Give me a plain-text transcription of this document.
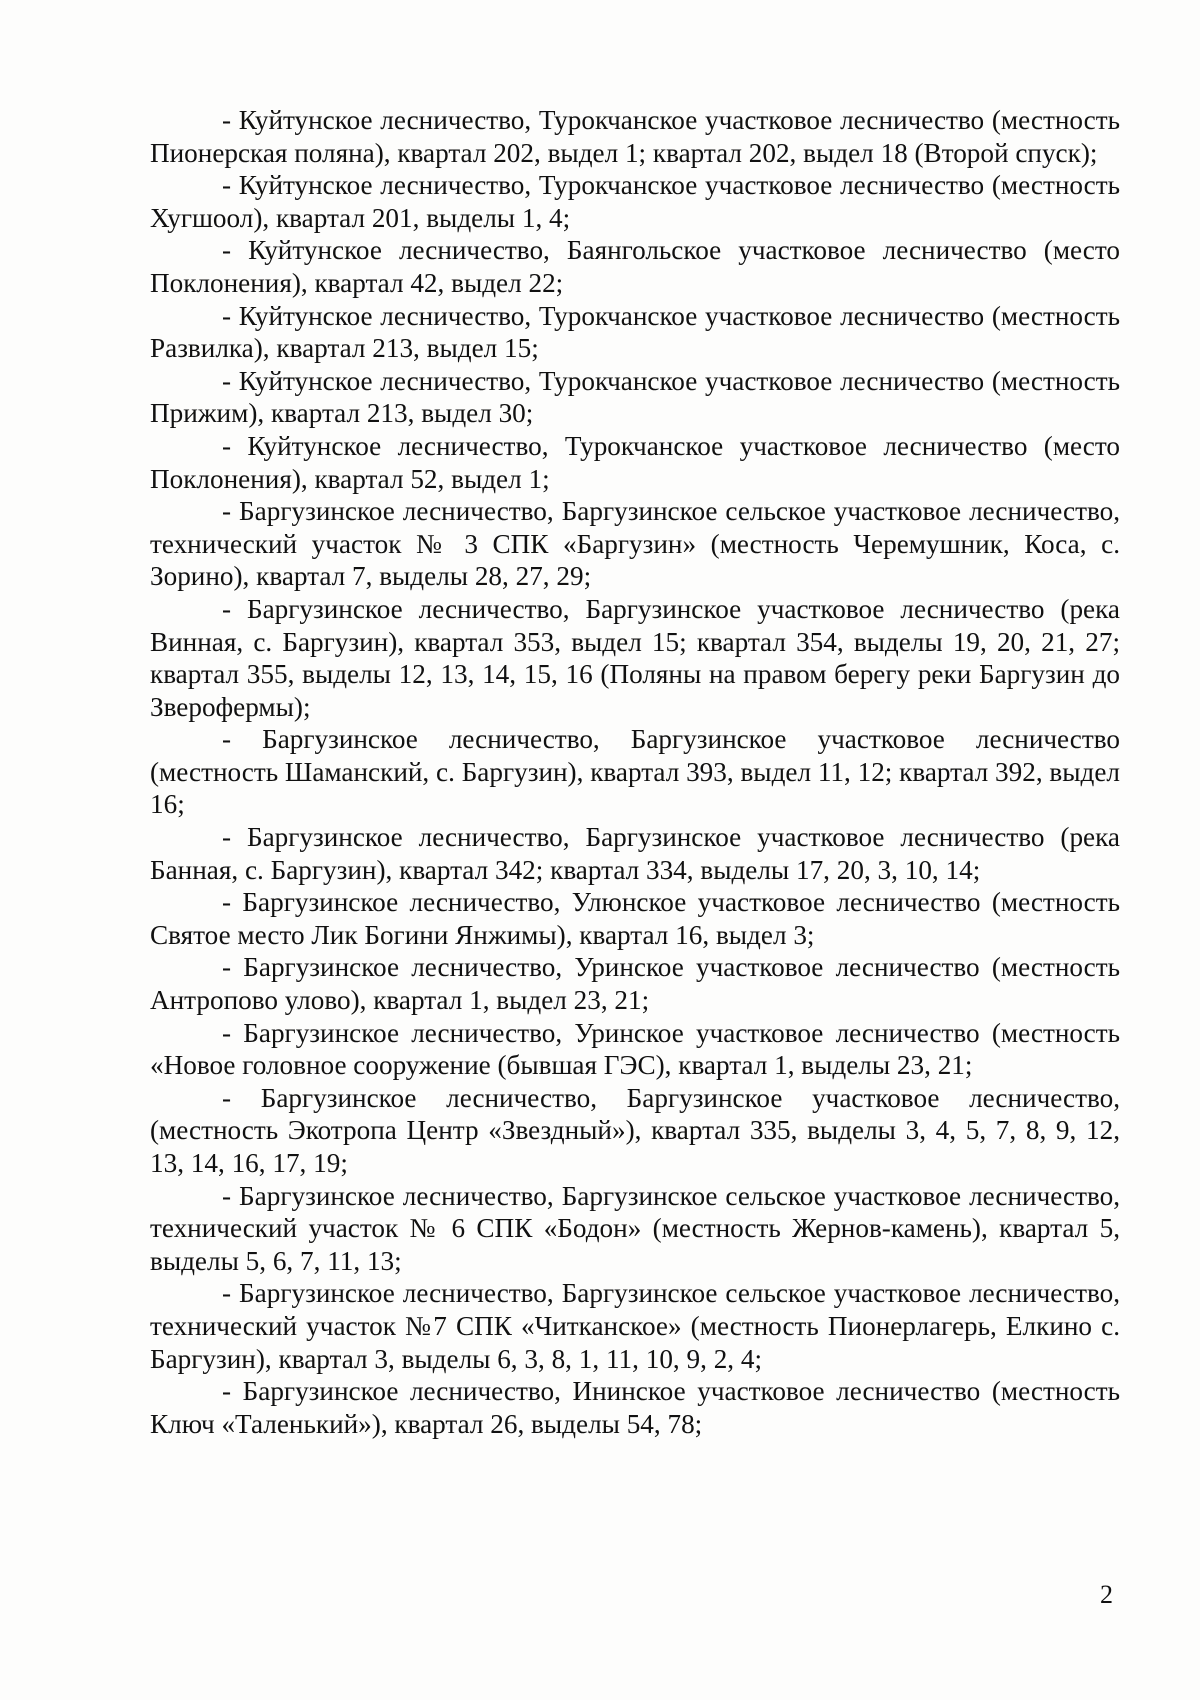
- Куйтунское лесничество, Турокчанское участковое лесничество (местность Пионерская поляна), квартал 202, выдел 1; квартал 202, выдел 18 (Второй спуск);

- Куйтунское лесничество, Турокчанское участковое лесничество (местность Хугшоол), квартал 201, выделы 1, 4;

- Куйтунское лесничество, Баянгольское участковое лесничество (место Поклонения), квартал 42, выдел 22;

- Куйтунское лесничество, Турокчанское участковое лесничество (местность Развилка), квартал 213, выдел 15;

- Куйтунское лесничество, Турокчанское участковое лесничество (местность Прижим), квартал 213, выдел 30;

- Куйтунское лесничество, Турокчанское участковое лесничество (место Поклонения), квартал 52, выдел 1;

- Баргузинское лесничество, Баргузинское сельское участковое лесничество, технический участок № 3 СПК «Баргузин» (местность Черемушник, Коса, с. Зорино), квартал 7, выделы 28, 27, 29;

- Баргузинское лесничество, Баргузинское участковое лесничество (река Винная, с. Баргузин), квартал 353, выдел 15; квартал 354, выделы 19, 20, 21, 27; квартал 355, выделы 12, 13, 14, 15, 16 (Поляны на правом берегу реки Баргузин до Зверофермы);

- Баргузинское лесничество, Баргузинское участковое лесничество (местность Шаманский, с. Баргузин), квартал 393, выдел 11, 12; квартал 392, выдел 16;

- Баргузинское лесничество, Баргузинское участковое лесничество (река Банная, с. Баргузин), квартал 342; квартал 334, выделы 17, 20, 3, 10, 14;

- Баргузинское лесничество, Улюнское участковое лесничество (местность Святое место Лик Богини Янжимы), квартал 16, выдел 3;

- Баргузинское лесничество, Уринское участковое лесничество (местность Антропово улово), квартал 1, выдел 23, 21;

- Баргузинское лесничество, Уринское участковое лесничество (местность «Новое головное сооружение (бывшая ГЭС), квартал 1, выделы 23, 21;

- Баргузинское лесничество, Баргузинское участковое лесничество, (местность Экотропа Центр «Звездный»), квартал 335, выделы 3, 4, 5, 7, 8, 9, 12, 13, 14, 16, 17, 19;

- Баргузинское лесничество, Баргузинское сельское участковое лесничество, технический участок № 6 СПК «Бодон» (местность Жернов-камень), квартал 5, выделы 5, 6, 7, 11, 13;

- Баргузинское лесничество, Баргузинское сельское участковое лесничество, технический участок №7 СПК «Читканское» (местность Пионерлагерь, Елкино с. Баргузин), квартал 3, выделы 6, 3, 8, 1, 11, 10, 9, 2, 4;

- Баргузинское лесничество, Ининское участковое лесничество (местность Ключ «Таленький»), квартал 26, выделы 54, 78;

2
